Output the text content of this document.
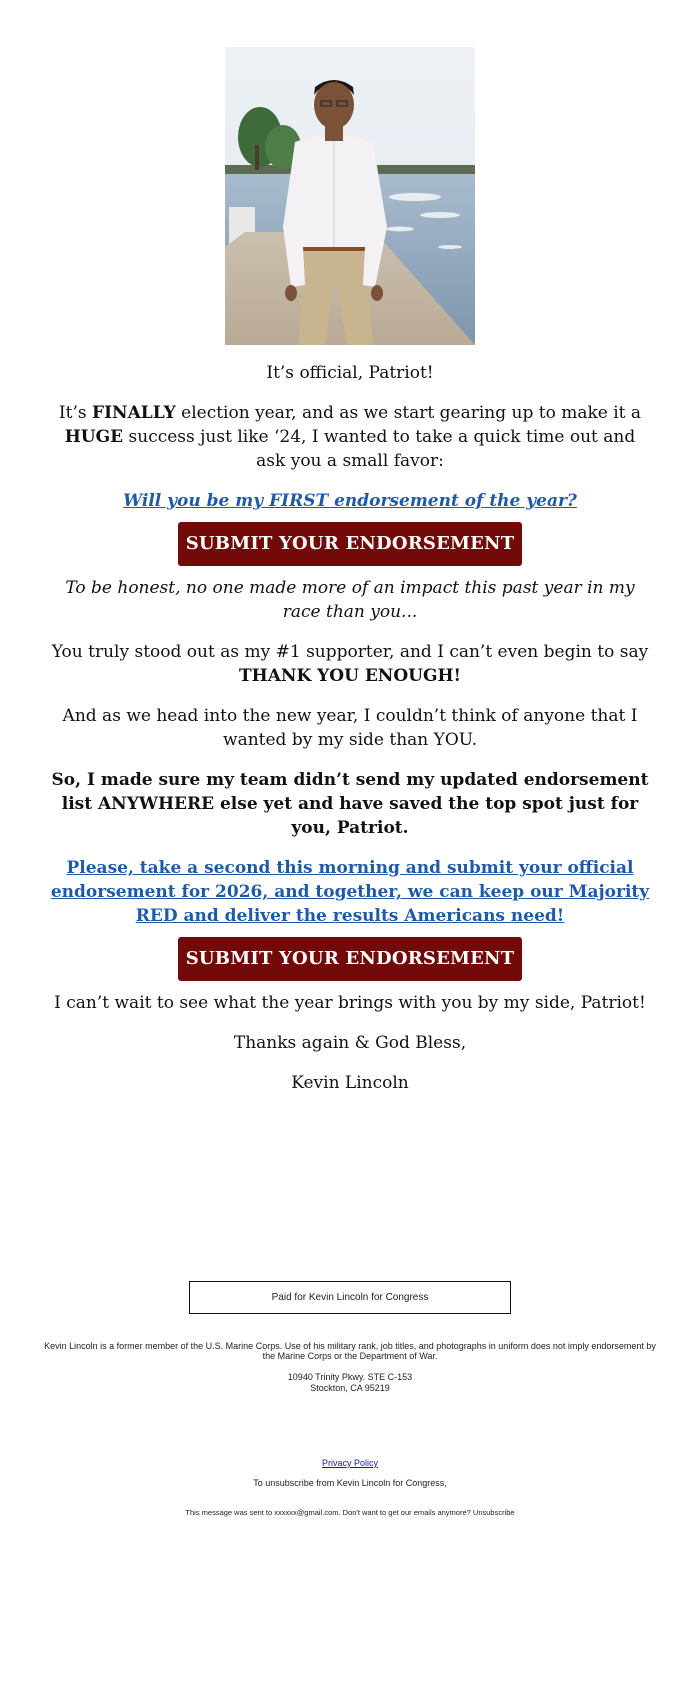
It’s official, Patriot!

It’s FINALLY election year, and as we start gearing up to make it a HUGE success just like ‘24, I wanted to take a quick time out and ask you a small favor:

Will you be my FIRST endorsement of the year?
SUBMIT YOUR ENDORSEMENT

To be honest, no one made more of an impact this past year in my race than you...

You truly stood out as my #1 supporter, and I can’t even begin to say THANK YOU ENOUGH!

And as we head into the new year, I couldn’t think of anyone that I wanted by my side than YOU.

So, I made sure my team didn’t send my updated endorsement list ANYWHERE else yet and have saved the top spot just for you, Patriot.

Please, take a second this morning and submit your official endorsement for 2026, and together, we can keep our Majority RED and deliver the results Americans need!
SUBMIT YOUR ENDORSEMENT

I can’t wait to see what the year brings with you by my side, Patriot!

Thanks again & God Bless,

Kevin Lincoln

Paid for Kevin Lincoln for Congress
Kevin Lincoln is a former member of the U.S. Marine Corps. Use of his military rank, job titles, and photographs in uniform does not imply endorsement by the Marine Corps or the Department of War.
10940 Trinity Pkwy. STE C-153
Stockton, CA 95219
Privacy Policy
To unsubscribe from Kevin Lincoln for Congress,
This message was sent to xxxxxx@gmail.com. Don't want to get our emails anymore? Unsubscribe
